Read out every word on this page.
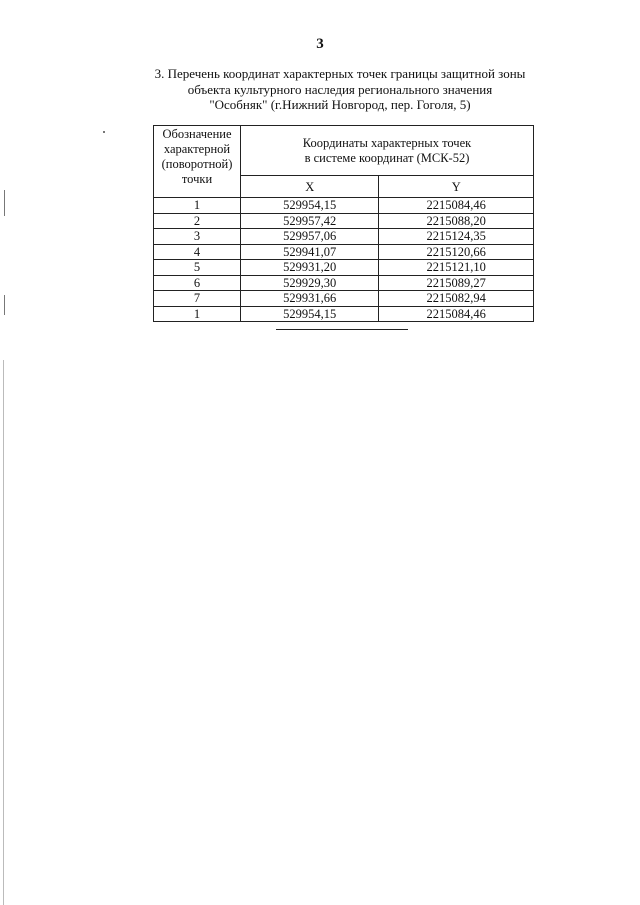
3
3. Перечень координат характерных точек границы защитной зоны
объекта культурного наследия регионального значения
"Особняк" (г.Нижний Новгород, пер. Гоголя, 5)
Обозначение
характерной
(поворотной)
точки	Координаты характерных точек
в системе координат (МСК-52)	

	X	Y
1	529954,15	2215084,46
2	529957,42	2215088,20
3	529957,06	2215124,35
4	529941,07	2215120,66
5	529931,20	2215121,10
6	529929,30	2215089,27
7	529931,66	2215082,94
1	529954,15	2215084,46
